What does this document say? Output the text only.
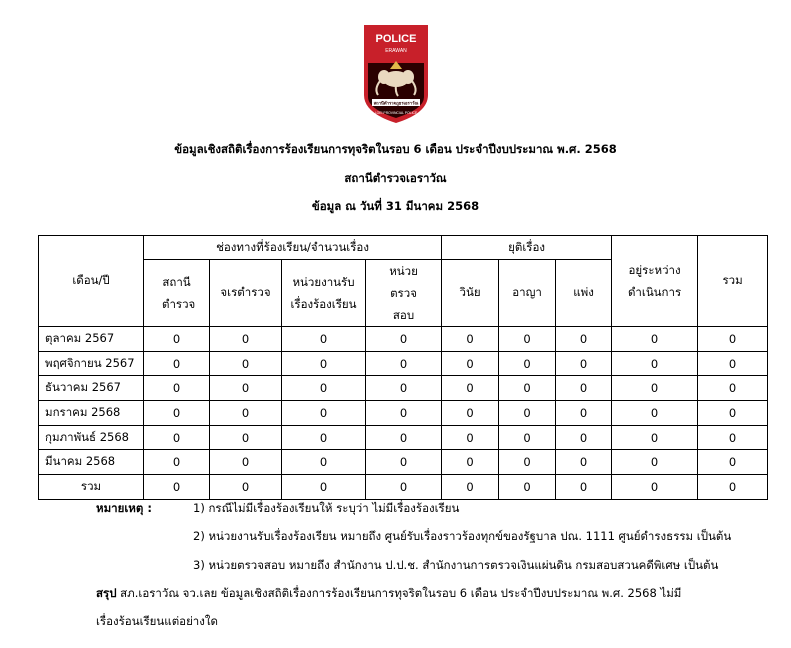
POLICE
ERAWAN
สถานีตำรวจภูธรเอราวัณ
LOEI PROVINCIAL POLICE
ข้อมูลเชิงสถิติเรื่องการร้องเรียนการทุจริตในรอบ 6 เดือน ประจำปีงบประมาณ พ.ศ. 2568
สถานีตำรวจเอราวัณ
ข้อมูล ณ วันที่ 31 มีนาคม 2568
เดือน/ปี	ช่องทางที่ร้องเรียน/จำนวนเรื่อง				ยุติเรื่อง			อยู่ระหว่างดำเนินการ	รวม
	สถานีตำรวจ	จเรตำรวจ	หน่วยงานรับเรื่องร้องเรียน	หน่วยตรวจสอบ	วินัย	อาญา	แพ่ง		
ตุลาคม 2567	0	0	0	0	0	0	0	0	0
พฤศจิกายน 2567	0	0	0	0	0	0	0	0	0
ธันวาคม 2567	0	0	0	0	0	0	0	0	0
มกราคม 2568	0	0	0	0	0	0	0	0	0
กุมภาพันธ์ 2568	0	0	0	0	0	0	0	0	0
มีนาคม 2568	0	0	0	0	0	0	0	0	0
รวม	0	0	0	0	0	0	0	0	0
หมายเหตุ :	1) กรณีไม่มีเรื่องร้องเรียนให้ ระบุว่า ไม่มีเรื่องร้องเรียน
2) หน่วยงานรับเรื่องร้องเรียน หมายถึง ศูนย์รับเรื่องราวร้องทุกข์ของรัฐบาล ปณ. 1111 ศูนย์ดำรงธรรม เป็นต้น
3) หน่วยตรวจสอบ หมายถึง สำนักงาน ป.ป.ช. สำนักงานการตรวจเงินแผ่นดิน กรมสอบสวนคดีพิเศษ เป็นต้น
สรุป สภ.เอราวัณ จว.เลย ข้อมูลเชิงสถิติเรื่องการร้องเรียนการทุจริตในรอบ 6 เดือน ประจำปีงบประมาณ พ.ศ. 2568 ไม่มี
เรื่องร้อนเรียนแต่อย่างใด
